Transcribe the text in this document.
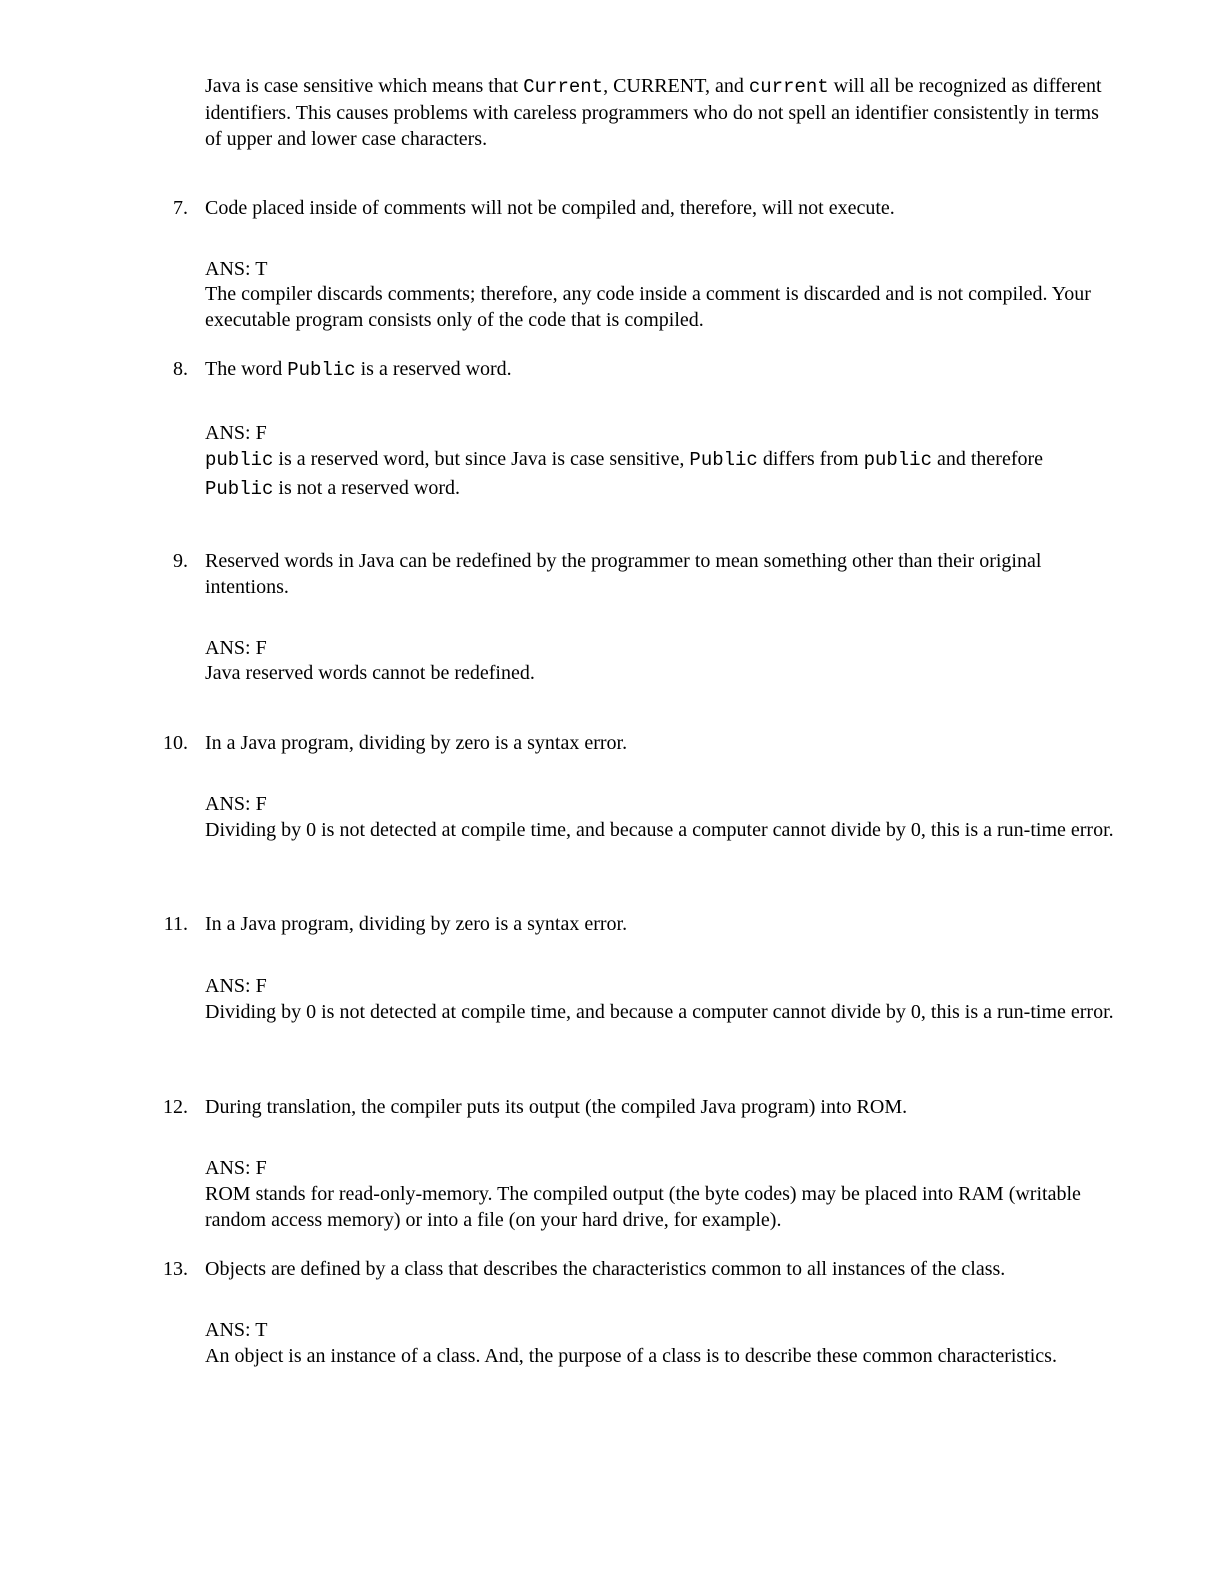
Java is case sensitive which means that Current, CURRENT, and current will all be recognized as different identifiers. This causes problems with careless programmers who do not spell an identifier consistently in terms of upper and lower case characters.

7. Code placed inside of comments will not be compiled and, therefore, will not execute.

ANS: T

The compiler discards comments; therefore, any code inside a comment is discarded and is not compiled. Your executable program consists only of the code that is compiled.

8. The word Public is a reserved word.

ANS: F

public is a reserved word, but since Java is case sensitive, Public differs from public and therefore Public is not a reserved word.

9. Reserved words in Java can be redefined by the programmer to mean something other than their original intentions.

ANS: F

Java reserved words cannot be redefined.

10. In a Java program, dividing by zero is a syntax error.

ANS: F

Dividing by 0 is not detected at compile time, and because a computer cannot divide by 0, this is a run-time error.

11. In a Java program, dividing by zero is a syntax error.

ANS: F

Dividing by 0 is not detected at compile time, and because a computer cannot divide by 0, this is a run-time error.

12. During translation, the compiler puts its output (the compiled Java program) into ROM.

ANS: F

ROM stands for read-only-memory. The compiled output (the byte codes) may be placed into RAM (writable random access memory) or into a file (on your hard drive, for example).

13. Objects are defined by a class that describes the characteristics common to all instances of the class.

ANS: T

An object is an instance of a class. And, the purpose of a class is to describe these common characteristics.
